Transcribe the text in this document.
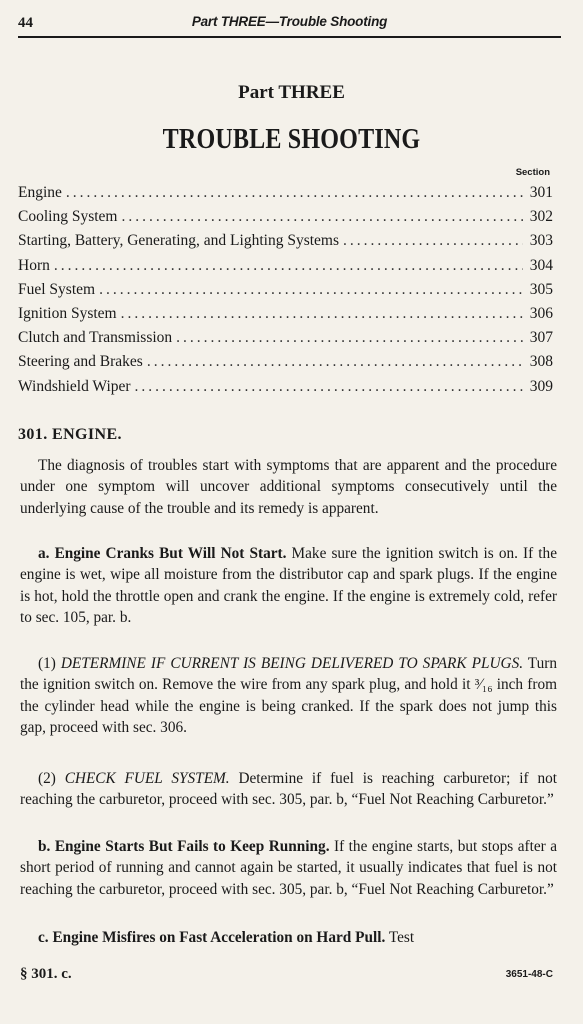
44	Part THREE—Trouble Shooting
Part THREE
TROUBLE SHOOTING
Section
Engine .....	301
Cooling System .....	302
Starting, Battery, Generating, and Lighting Systems .....	303
Horn .....	304
Fuel System .....	305
Ignition System .....	306
Clutch and Transmission .....	307
Steering and Brakes .....	308
Windshield Wiper .....	309
301. ENGINE.
The diagnosis of troubles start with symptoms that are apparent and the procedure under one symptom will uncover additional symptoms consecutively until the underlying cause of the trouble and its remedy is apparent.
a. Engine Cranks But Will Not Start. Make sure the ignition switch is on. If the engine is wet, wipe all moisture from the distributor cap and spark plugs. If the engine is hot, hold the throttle open and crank the engine. If the engine is extremely cold, refer to sec. 105, par. b.
(1) DETERMINE IF CURRENT IS BEING DELIVERED TO SPARK PLUGS. Turn the ignition switch on. Remove the wire from any spark plug, and hold it ³⁄₁₆ inch from the cylinder head while the engine is being cranked. If the spark does not jump this gap, proceed with sec. 306.
(2) CHECK FUEL SYSTEM. Determine if fuel is reaching carburetor; if not reaching the carburetor, proceed with sec. 305, par. b, “Fuel Not Reaching Carburetor.”
b. Engine Starts But Fails to Keep Running. If the engine starts, but stops after a short period of running and cannot again be started, it usually indicates that fuel is not reaching the carburetor, proceed with sec. 305, par. b, “Fuel Not Reaching Carburetor.”
c. Engine Misfires on Fast Acceleration on Hard Pull. Test
§ 301. c.	3651-48-C
